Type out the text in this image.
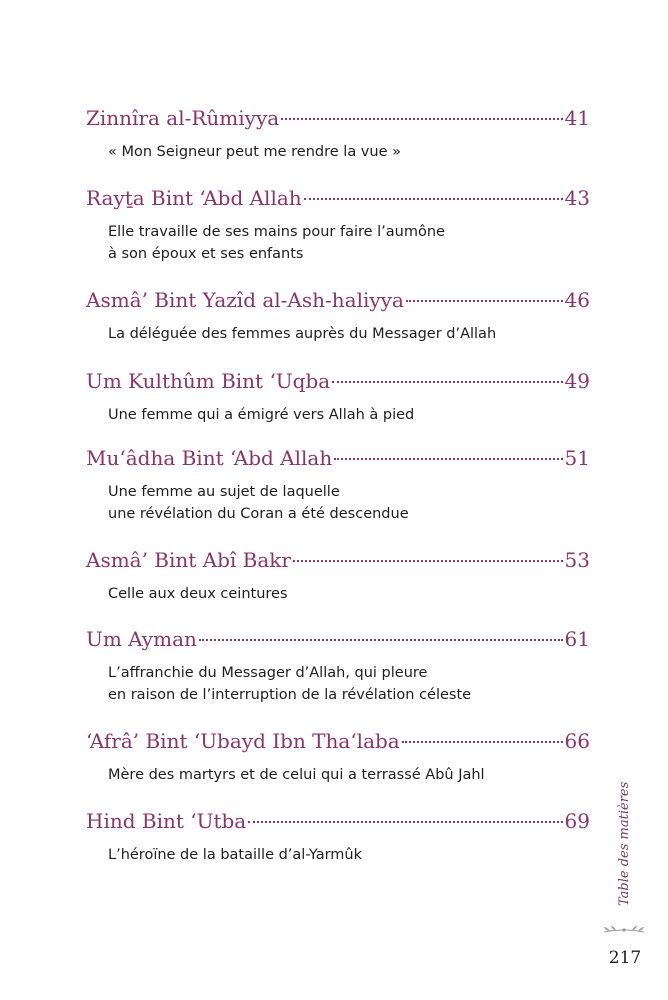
Zinnîra al-Rûmiyya	41
« Mon Seigneur peut me rendre la vue »
Rayṯa Bint ‘Abd Allah	43
Elle travaille de ses mains pour faire l’aumône
à son époux et ses enfants
Asmâ’ Bint Yazîd al-Ash-haliyya	46
La déléguée des femmes auprès du Messager d’Allah
Um Kulthûm Bint ‘Uqba	49
Une femme qui a émigré vers Allah à pied
Mu‘âdha Bint ‘Abd Allah	51
Une femme au sujet de laquelle
une révélation du Coran a été descendue
Asmâ’ Bint Abî Bakr	53
Celle aux deux ceintures
Um Ayman	61
L’affranchie du Messager d’Allah, qui pleure
en raison de l’interruption de la révélation céleste
‘Afrâ’ Bint ‘Ubayd Ibn Tha‘laba	66
Mère des martyrs et de celui qui a terrassé Abû Jahl
Hind Bint ‘Utba	69
L’héroïne de la bataille d’al-Yarmûk	Table des matières
217
